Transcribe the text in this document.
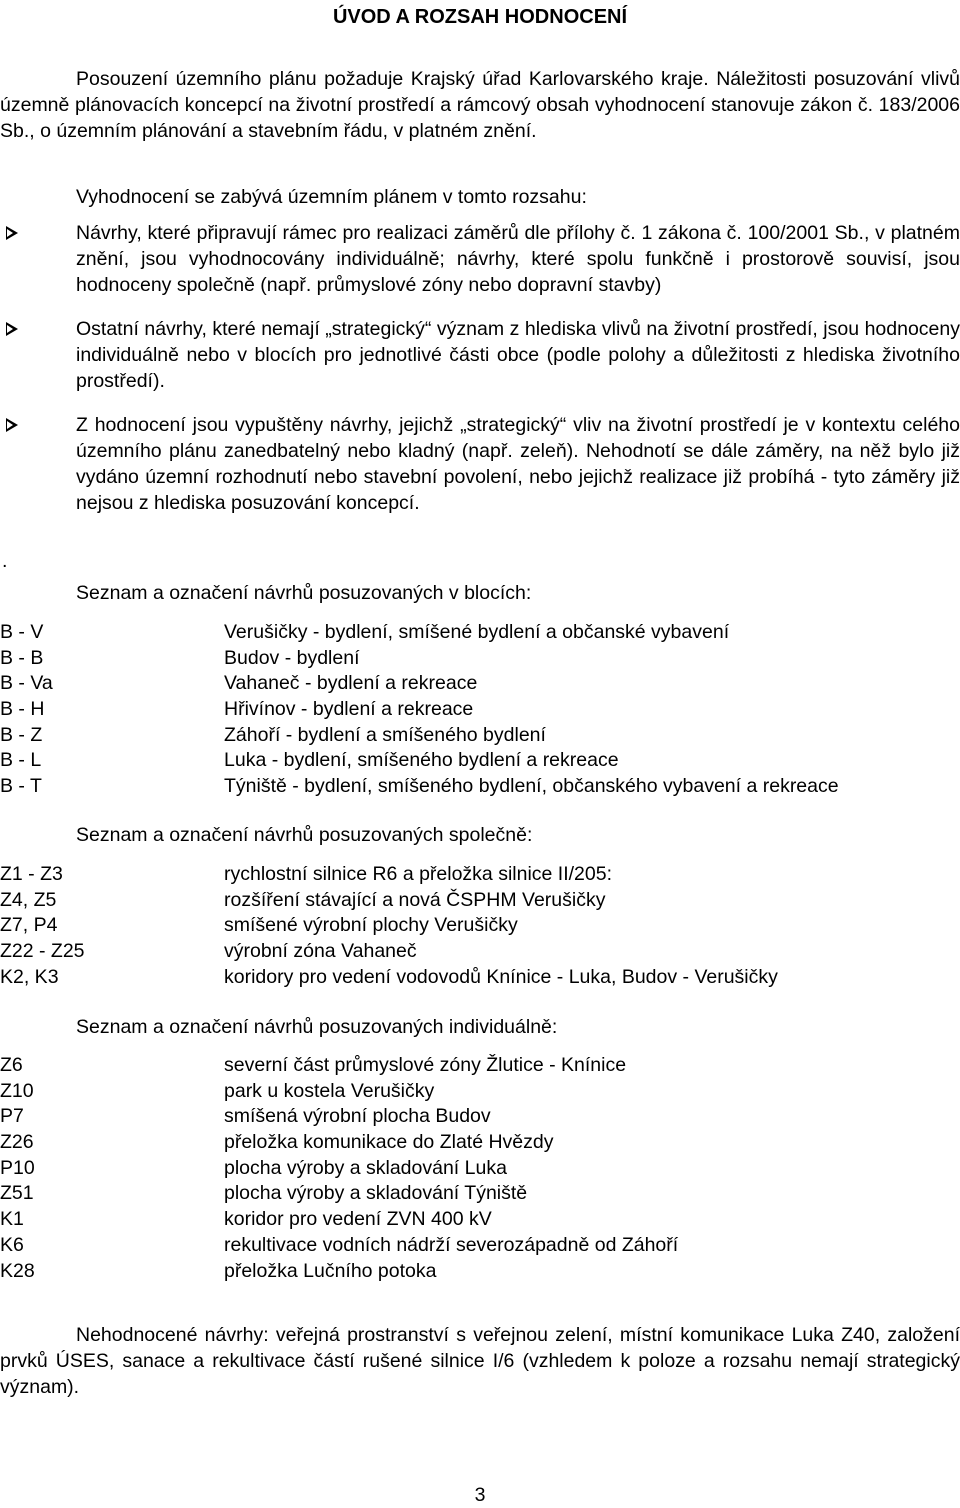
ÚVOD A ROZSAH HODNOCENÍ

Posouzení územního plánu požaduje Krajský úřad Karlovarského kraje. Náležitosti posuzování vlivů územně plánovacích koncepcí na životní prostředí a rámcový obsah vyhodnocení stanovuje zákon č. 183/2006 Sb., o územním plánování a stavebním řádu, v platném znění.

Vyhodnocení se zabývá územním plánem v tomto rozsahu:

Návrhy, které připravují rámec pro realizaci záměrů dle přílohy č. 1 zákona č. 100/2001 Sb., v platném znění, jsou vyhodnocovány individuálně; návrhy, které spolu funkčně i prostorově souvisí, jsou hodnoceny společně (např. průmyslové zóny nebo dopravní stavby)
Ostatní návrhy, které nemají „strategický“ význam z hlediska vlivů na životní prostředí, jsou hodnoceny individuálně nebo v blocích pro jednotlivé části obce (podle polohy a důležitosti z hlediska životního prostředí).
Z hodnocení jsou vypuštěny návrhy, jejichž „strategický“ vliv na životní prostředí je v kontextu celého územního plánu zanedbatelný nebo kladný (např. zeleň). Nehodnotí se dále záměry, na něž bylo již vydáno územní rozhodnutí nebo stavební povolení, nebo jejichž realizace již probíhá - tyto záměry již nejsou z hlediska posuzování koncepcí.
.

Seznam a označení návrhů posuzovaných v blocích:

B - V	Verušičky - bydlení, smíšené bydlení a občanské vybavení
B - B	Budov - bydlení
B - Va	Vahaneč - bydlení a rekreace
B - H	Hřivínov - bydlení a rekreace
B - Z	Záhoří - bydlení a smíšeného bydlení
B - L	Luka - bydlení, smíšeného bydlení a rekreace
B - T	Týniště - bydlení, smíšeného bydlení, občanského vybavení a rekreace

Seznam a označení návrhů posuzovaných společně:

Z1 - Z3	rychlostní silnice R6 a přeložka silnice II/205:
Z4, Z5	rozšíření stávající a nová ČSPHM Verušičky
Z7, P4	smíšené výrobní plochy Verušičky
Z22 - Z25	výrobní zóna Vahaneč
K2, K3	koridory pro vedení vodovodů Knínice - Luka, Budov - Verušičky

Seznam a označení návrhů posuzovaných individuálně:

Z6	severní část průmyslové zóny Žlutice - Knínice
Z10	park u kostela Verušičky
P7	smíšená výrobní plocha Budov
Z26	přeložka komunikace do Zlaté Hvězdy
P10	plocha výroby a skladování Luka
Z51	plocha výroby a skladování Týniště
K1	koridor pro vedení ZVN 400 kV
K6	rekultivace vodních nádrží severozápadně od Záhoří
K28	přeložka Lučního potoka

Nehodnocené návrhy: veřejná prostranství s veřejnou zelení, místní komunikace Luka Z40, založení prvků ÚSES, sanace a rekultivace částí rušené silnice I/6 (vzhledem k poloze a rozsahu nemají strategický význam).

3
